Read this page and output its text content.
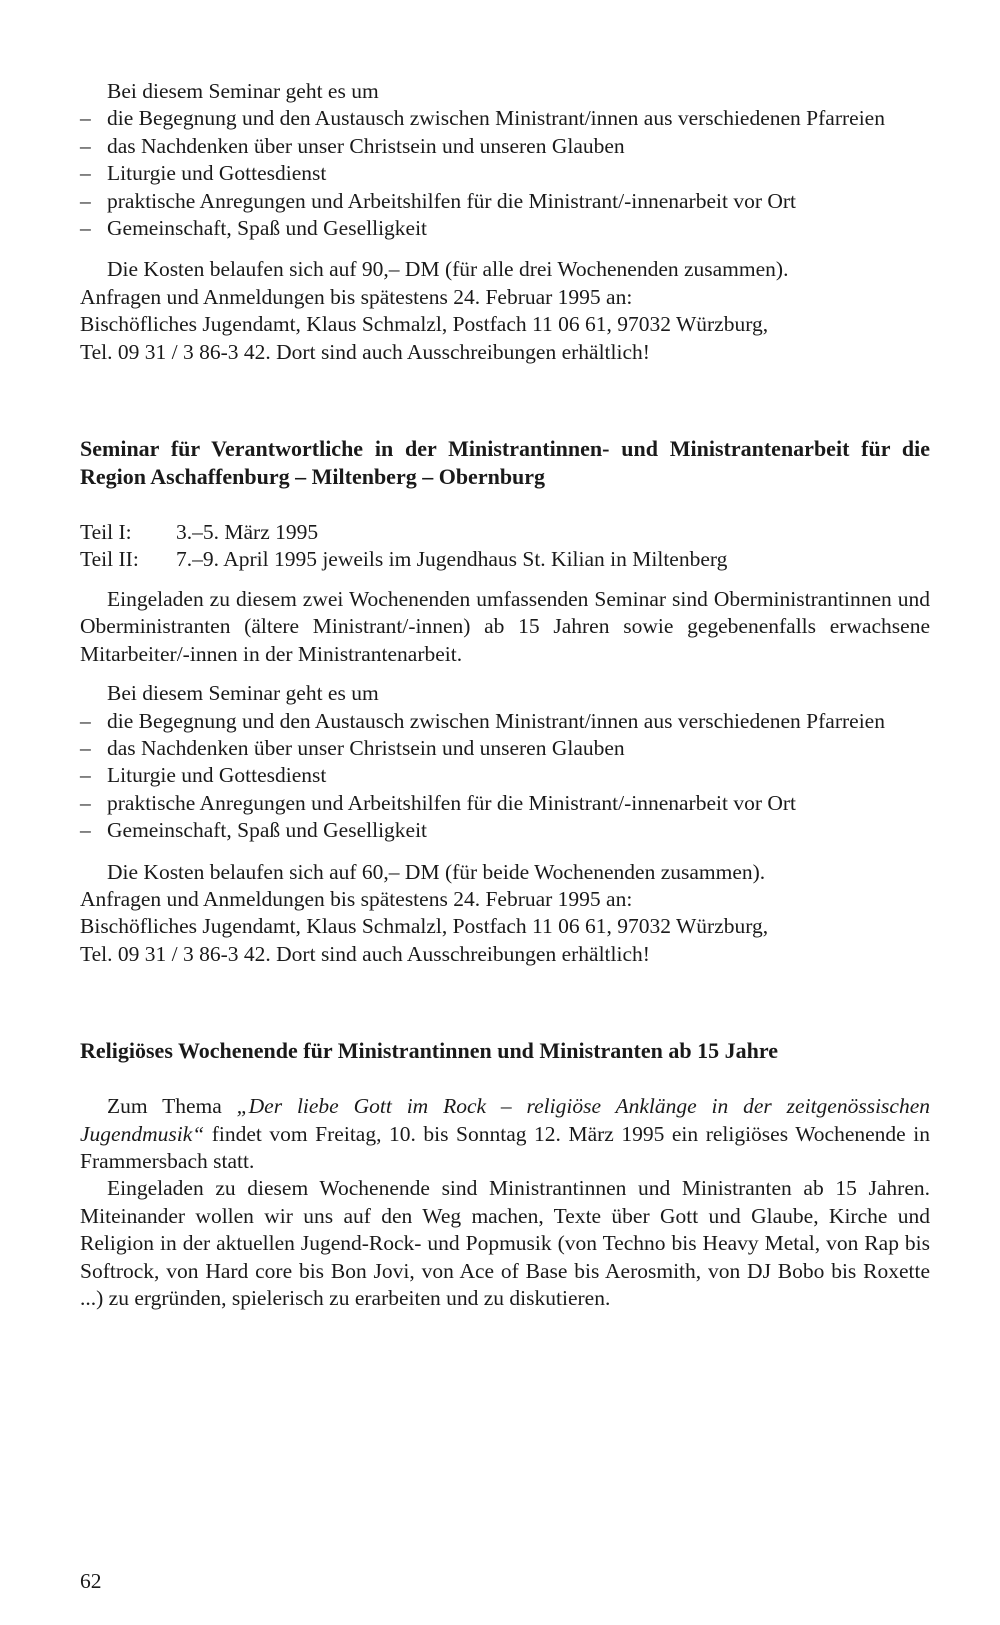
Bei diesem Seminar geht es um

– die Begegnung und den Austausch zwischen Ministrant/innen aus verschiedenen Pfarreien
– das Nachdenken über unser Christsein und unseren Glauben
– Liturgie und Gottesdienst
– praktische Anregungen und Arbeitshilfen für die Ministrant/-innenarbeit vor Ort
– Gemeinschaft, Spaß und Geselligkeit

Die Kosten belaufen sich auf 90,– DM (für alle drei Wochenenden zusammen).

Anfragen und Anmeldungen bis spätestens 24. Februar 1995 an:

Bischöfliches Jugendamt, Klaus Schmalzl, Postfach 11 06 61, 97032 Würzburg,

Tel. 09 31 / 3 86-3 42. Dort sind auch Ausschreibungen erhältlich!

Seminar für Verantwortliche in der Ministrantinnen- und Ministrantenarbeit für die Region Aschaffenburg – Miltenberg – Obernburg
Teil I:	3.–5. März 1995
Teil II:	7.–9. April 1995 jeweils im Jugendhaus St. Kilian in Miltenberg

Eingeladen zu diesem zwei Wochenenden umfassenden Seminar sind Oberministrantinnen und Oberministranten (ältere Ministrant/-innen) ab 15 Jahren sowie gegebenenfalls erwachsene Mitarbeiter/-innen in der Ministrantenarbeit.

Bei diesem Seminar geht es um

– die Begegnung und den Austausch zwischen Ministrant/innen aus verschiedenen Pfarreien
– das Nachdenken über unser Christsein und unseren Glauben
– Liturgie und Gottesdienst
– praktische Anregungen und Arbeitshilfen für die Ministrant/-innenarbeit vor Ort
– Gemeinschaft, Spaß und Geselligkeit

Die Kosten belaufen sich auf 60,– DM (für beide Wochenenden zusammen).

Anfragen und Anmeldungen bis spätestens 24. Februar 1995 an:

Bischöfliches Jugendamt, Klaus Schmalzl, Postfach 11 06 61, 97032 Würzburg,

Tel. 09 31 / 3 86-3 42. Dort sind auch Ausschreibungen erhältlich!

Religiöses Wochenende für Ministrantinnen und Ministranten ab 15 Jahre

Zum Thema „Der liebe Gott im Rock – religiöse Anklänge in der zeitgenössischen Jugendmusik“ findet vom Freitag, 10. bis Sonntag 12. März 1995 ein religiöses Wochenende in Frammersbach statt.

Eingeladen zu diesem Wochenende sind Ministrantinnen und Ministranten ab 15 Jahren. Miteinander wollen wir uns auf den Weg machen, Texte über Gott und Glaube, Kirche und Religion in der aktuellen Jugend-Rock- und Popmusik (von Techno bis Heavy Metal, von Rap bis Softrock, von Hard core bis Bon Jovi, von Ace of Base bis Aerosmith, von DJ Bobo bis Roxette ...) zu ergründen, spielerisch zu erarbeiten und zu diskutieren.

62
